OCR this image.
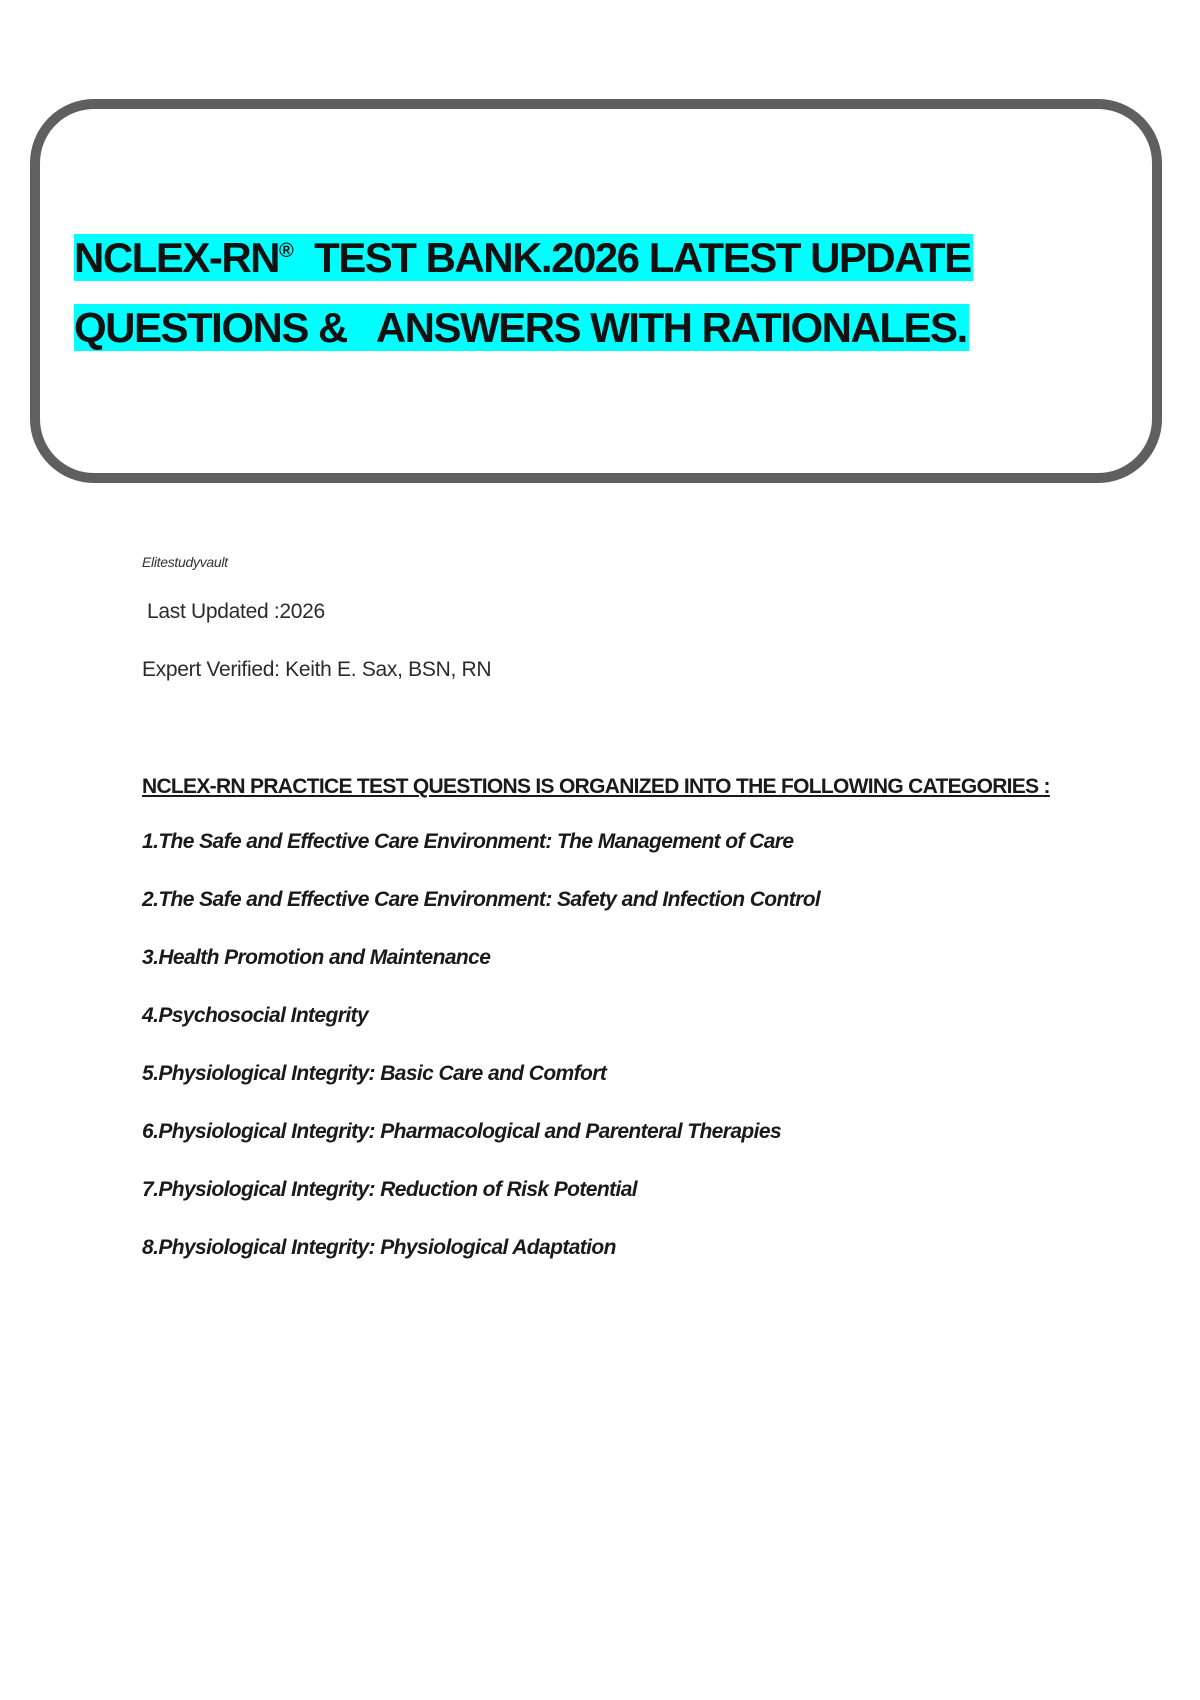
NCLEX-RN®  TEST BANK.2026 LATEST UPDATE
QUESTIONS &   ANSWERS WITH RATIONALES.

Elitestudyvault

Last Updated :2026

Expert Verified: Keith E. Sax, BSN, RN

NCLEX-RN PRACTICE TEST QUESTIONS IS ORGANIZED INTO THE FOLLOWING CATEGORIES :

1.The Safe and Effective Care Environment: The Management of Care
2.The Safe and Effective Care Environment: Safety and Infection Control
3.Health Promotion and Maintenance
4.Psychosocial Integrity
5.Physiological Integrity: Basic Care and Comfort
6.Physiological Integrity: Pharmacological and Parenteral Therapies
7.Physiological Integrity: Reduction of Risk Potential
8.Physiological Integrity: Physiological Adaptation
